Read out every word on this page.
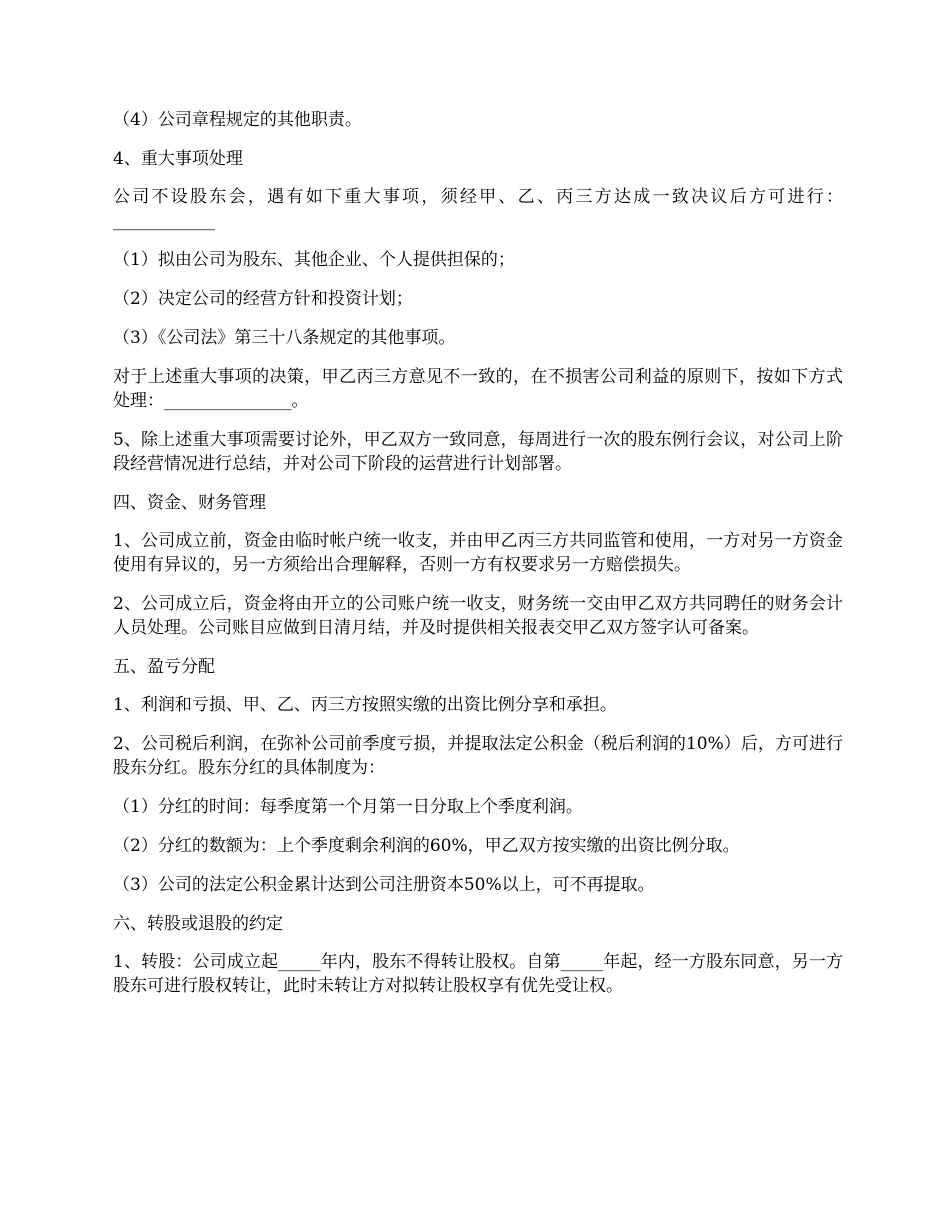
（4）公司章程规定的其他职责。

4、重大事项处理

公司不设股东会，遇有如下重大事项，须经甲、乙、丙三方达成一致决议后方可进行：____________

（1）拟由公司为股东、其他企业、个人提供担保的；

（2）决定公司的经营方针和投资计划；

（3）《公司法》第三十八条规定的其他事项。

对于上述重大事项的决策，甲乙丙三方意见不一致的，在不损害公司利益的原则下，按如下方式处理：_______________。

5、除上述重大事项需要讨论外，甲乙双方一致同意，每周进行一次的股东例行会议，对公司上阶段经营情况进行总结，并对公司下阶段的运营进行计划部署。

四、资金、财务管理

1、公司成立前，资金由临时帐户统一收支，并由甲乙丙三方共同监管和使用，一方对另一方资金使用有异议的，另一方须给出合理解释，否则一方有权要求另一方赔偿损失。

2、公司成立后，资金将由开立的公司账户统一收支，财务统一交由甲乙双方共同聘任的财务会计人员处理。公司账目应做到日清月结，并及时提供相关报表交甲乙双方签字认可备案。

五、盈亏分配

1、利润和亏损、甲、乙、丙三方按照实缴的出资比例分享和承担。

2、公司税后利润，在弥补公司前季度亏损，并提取法定公积金（税后利润的10%）后，方可进行股东分红。股东分红的具体制度为：

（1）分红的时间：每季度第一个月第一日分取上个季度利润。

（2）分红的数额为：上个季度剩余利润的60%，甲乙双方按实缴的出资比例分取。

（3）公司的法定公积金累计达到公司注册资本50%以上，可不再提取。

六、转股或退股的约定

1、转股：公司成立起_____年内，股东不得转让股权。自第_____年起，经一方股东同意，另一方股东可进行股权转让，此时未转让方对拟转让股权享有优先受让权。
